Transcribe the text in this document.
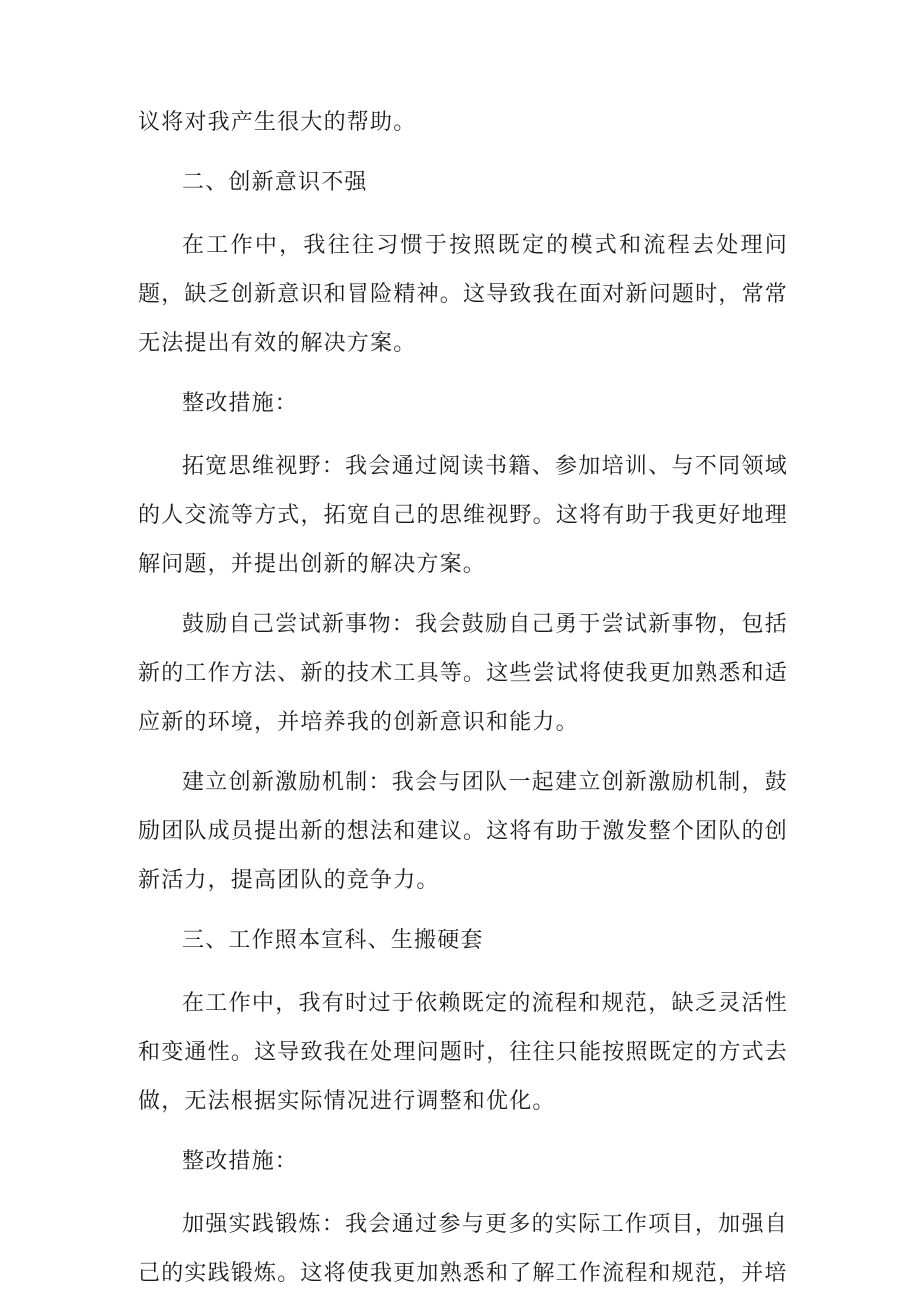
议将对我产生很大的帮助。

二、创新意识不强

在工作中，我往往习惯于按照既定的模式和流程去处理问题，缺乏创新意识和冒险精神。这导致我在面对新问题时，常常无法提出有效的解决方案。

整改措施：

拓宽思维视野：我会通过阅读书籍、参加培训、与不同领域的人交流等方式，拓宽自己的思维视野。这将有助于我更好地理解问题，并提出创新的解决方案。

鼓励自己尝试新事物：我会鼓励自己勇于尝试新事物，包括新的工作方法、新的技术工具等。这些尝试将使我更加熟悉和适应新的环境，并培养我的创新意识和能力。

建立创新激励机制：我会与团队一起建立创新激励机制，鼓励团队成员提出新的想法和建议。这将有助于激发整个团队的创新活力，提高团队的竞争力。

三、工作照本宣科、生搬硬套

在工作中，我有时过于依赖既定的流程和规范，缺乏灵活性和变通性。这导致我在处理问题时，往往只能按照既定的方式去做，无法根据实际情况进行调整和优化。

整改措施：

加强实践锻炼：我会通过参与更多的实际工作项目，加强自己的实践锻炼。这将使我更加熟悉和了解工作流程和规范，并培
